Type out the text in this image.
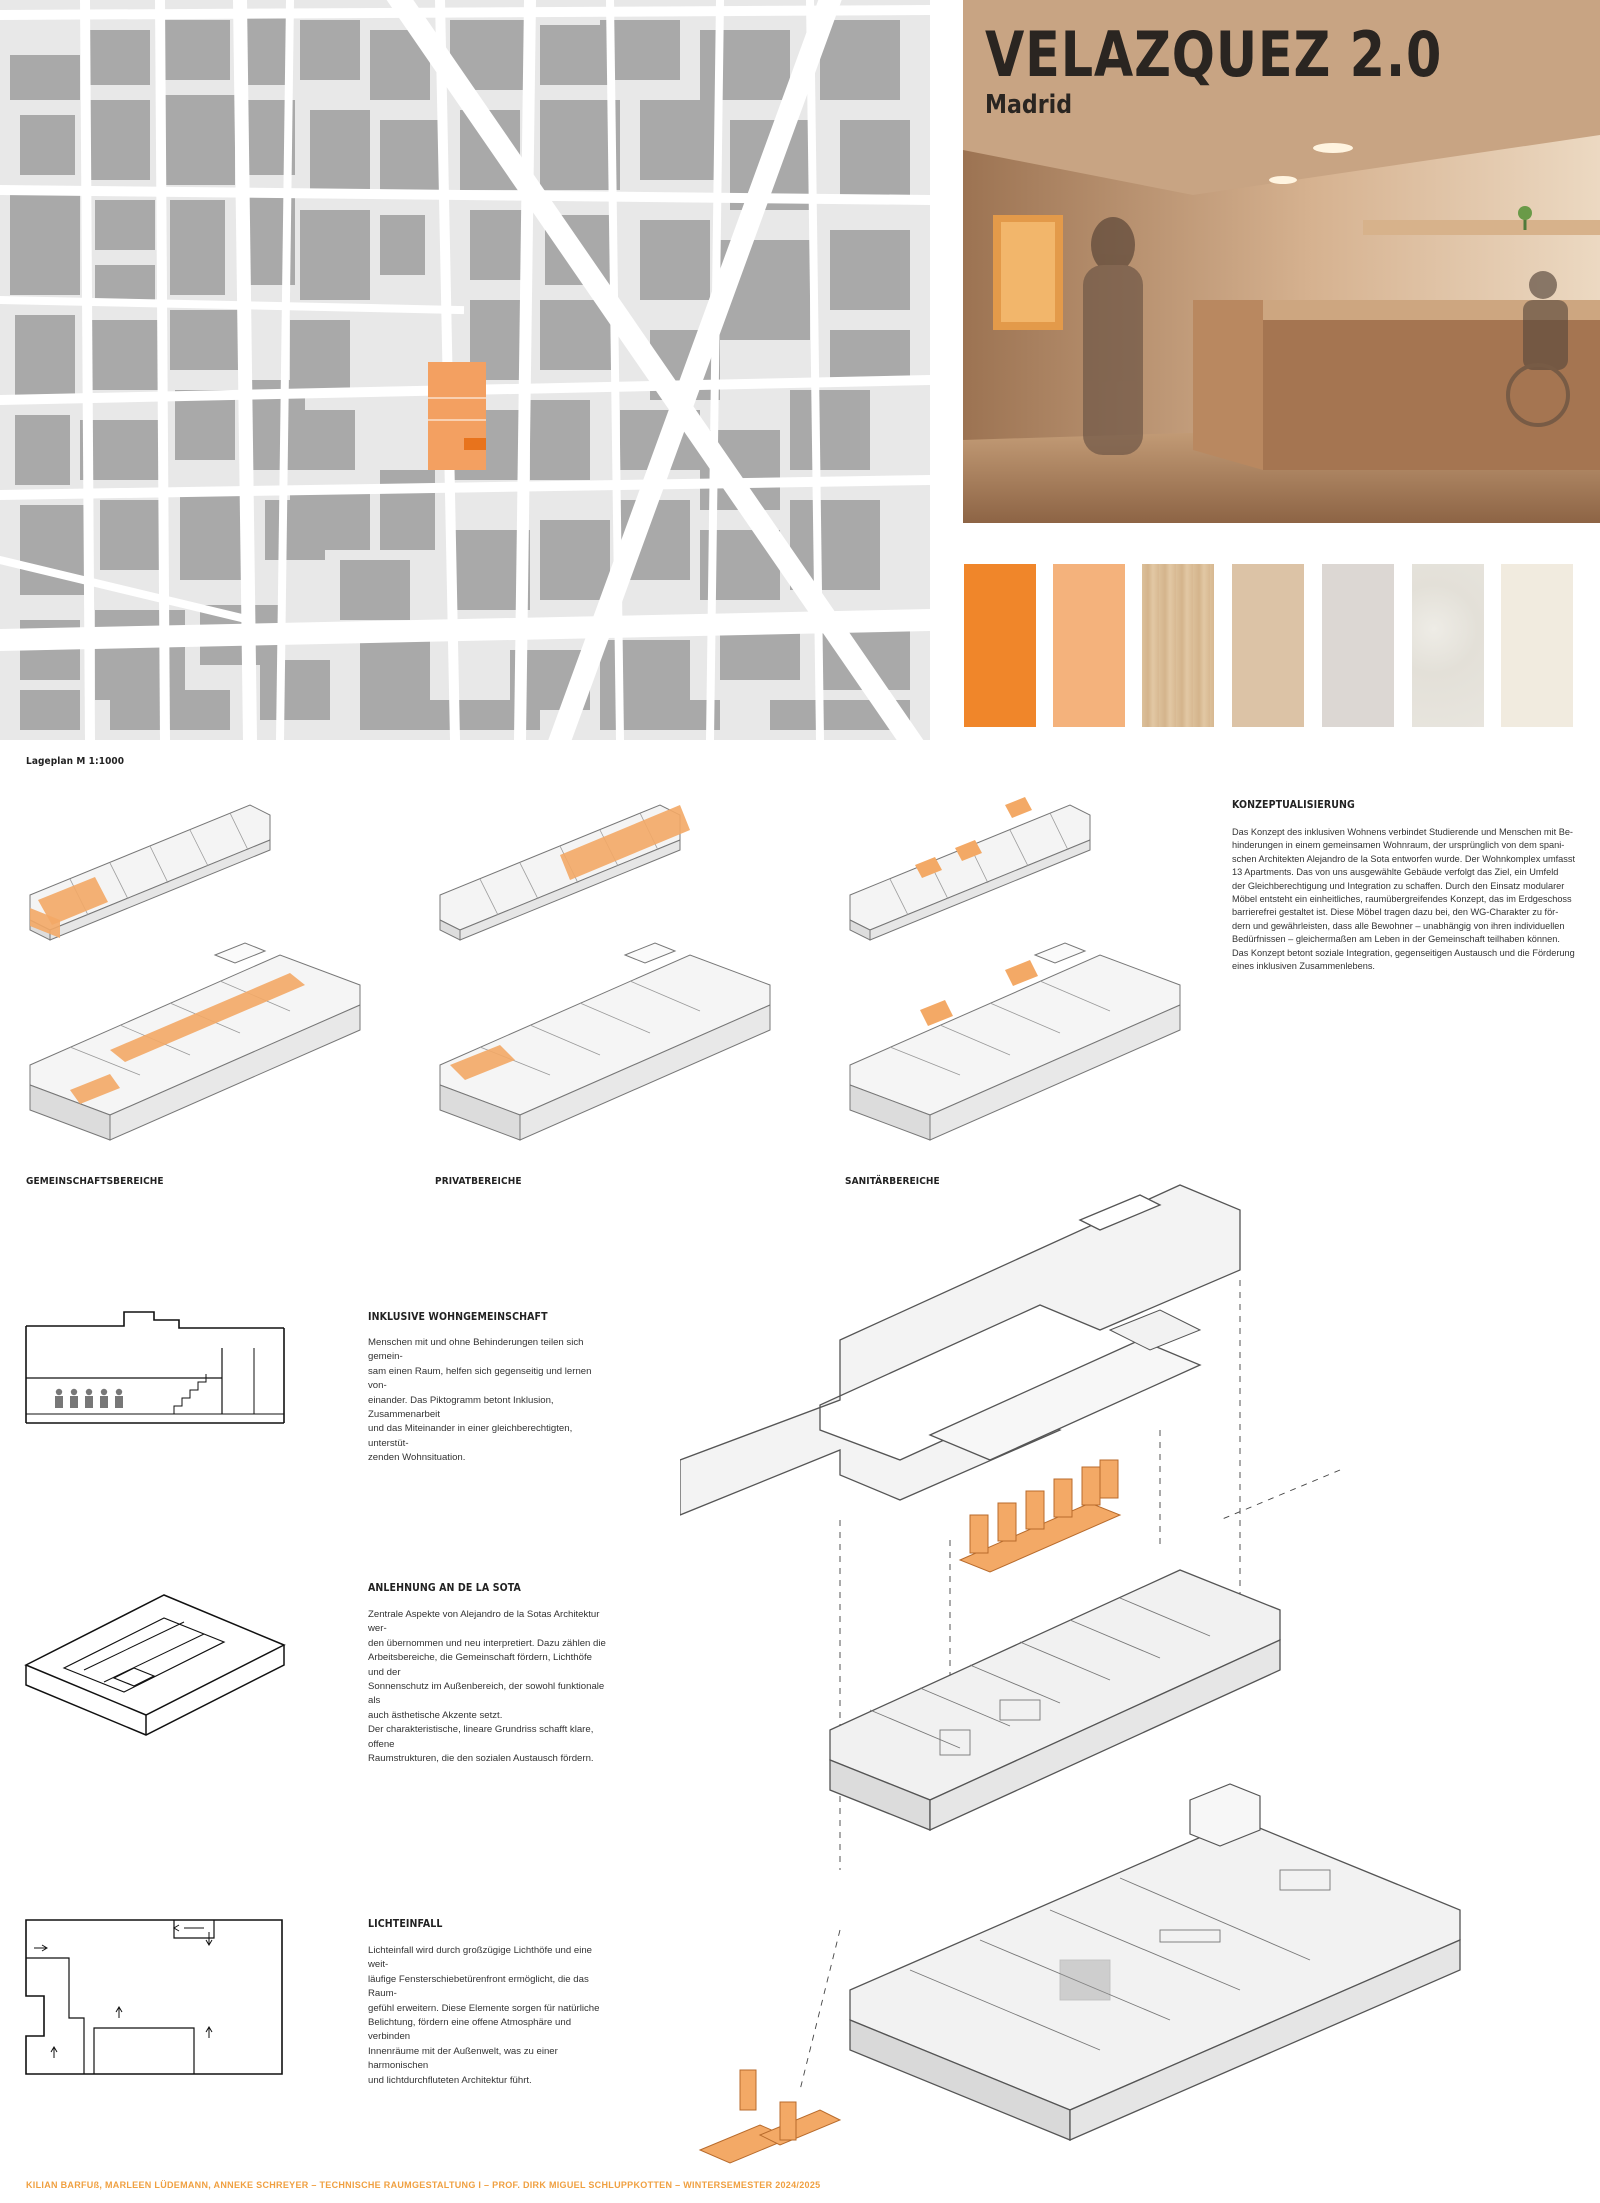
Lageplan M 1:1000
VELAZQUEZ 2.0
Madrid
GEMEINSCHAFTSBEREICHE	PRIVATBEREICHE	SANITÄRBEREICHE
KONZEPTUALISIERUNG
Das Konzept des inklusiven Wohnens verbindet Studierende und Menschen mit Be-
hinderungen in einem gemeinsamen Wohnraum, der ursprünglich von dem spani-
schen Architekten Alejandro de la Sota entworfen wurde. Der Wohnkomplex umfasst
13 Apartments. Das von uns ausgewählte Gebäude verfolgt das Ziel, ein Umfeld
der Gleichberechtigung und Integration zu schaffen. Durch den Einsatz modularer
Möbel entsteht ein einheitliches, raumübergreifendes Konzept, das im Erdgeschoss
barrierefrei gestaltet ist. Diese Möbel tragen dazu bei, den WG-Charakter zu för-
dern und gewährleisten, dass alle Bewohner – unabhängig von ihren individuellen
Bedürfnissen – gleichermaßen am Leben in der Gemeinschaft teilhaben können.
Das Konzept betont soziale Integration, gegenseitigen Austausch und die Förderung
eines inklusiven Zusammenlebens.
INKLUSIVE WOHNGEMEINSCHAFT
Menschen mit und ohne Behinderungen teilen sich gemein-
sam einen Raum, helfen sich gegenseitig und lernen von-
einander. Das Piktogramm betont Inklusion, Zusammenarbeit
und das Miteinander in einer gleichberechtigten, unterstüt-
zenden Wohnsituation.
ANLEHNUNG AN DE LA SOTA
Zentrale Aspekte von Alejandro de la Sotas Architektur wer-
den übernommen und neu interpretiert. Dazu zählen die
Arbeitsbereiche, die Gemeinschaft fördern, Lichthöfe und der
Sonnenschutz im Außenbereich, der sowohl funktionale als
auch ästhetische Akzente setzt.
Der charakteristische, lineare Grundriss schafft klare, offene
Raumstrukturen, die den sozialen Austausch fördern.
LICHTEINFALL
Lichteinfall wird durch großzügige Lichthöfe und eine weit-
läufige Fensterschiebetürenfront ermöglicht, die das Raum-
gefühl erweitern. Diese Elemente sorgen für natürliche
Belichtung, fördern eine offene Atmosphäre und verbinden
Innenräume mit der Außenwelt, was zu einer harmonischen
und lichtdurchfluteten Architektur führt.
KILIAN BARFUß, MARLEEN LÜDEMANN, ANNEKE SCHREYER – TECHNISCHE RAUMGESTALTUNG I – PROF. DIRK MIGUEL SCHLUPPKOTTEN – WINTERSEMESTER 2024/2025
